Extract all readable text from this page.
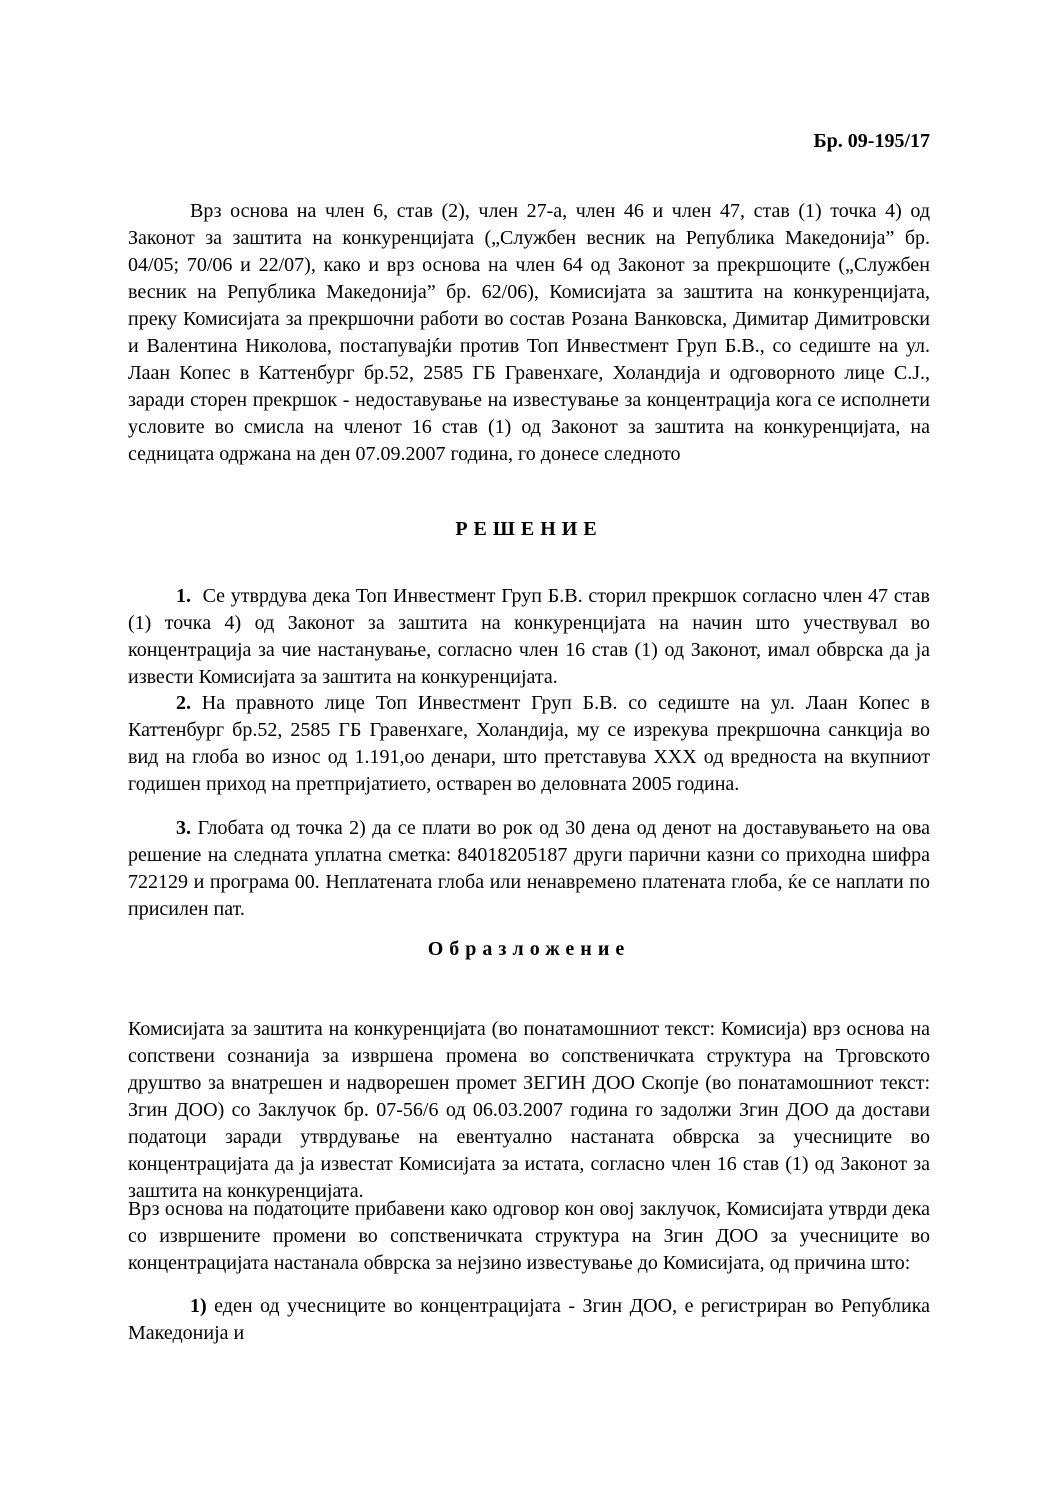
Бр. 09-195/17

Врз основа на член 6, став (2), член 27-а, член 46 и член 47, став (1) точка 4) од Законот за заштита на конкуренцијата („Службен весник на Република Македонија” бр. 04/05; 70/06 и 22/07), како и врз основа на член 64 од Законот за прекршоците („Службен весник на Република Македонија” бр. 62/06), Комисијата за заштита на конкуренцијата, преку Комисијата за прекршочни работи во состав Розана Ванковска, Димитар Димитровски и Валентина Николова, постапувајќи против Топ Инвестмент Груп Б.В., со седиште на ул. Лаан Копес в Каттенбург бр.52, 2585 ГБ Гравенхаге, Холандија и одговорното лице С.Ј., заради сторен прекршок - недоставување на известување за концентрација кога се исполнети условите во смисла на членот 16 став (1) од Законот за заштита на конкуренцијата, на седницата одржана на ден 07.09.2007 година, го донесе следното

РЕШЕНИЕ

1. Се утврдува дека Топ Инвестмент Груп Б.В. сторил прекршок согласно член 47 став (1) точка 4) од Законот за заштита на конкуренцијата на начин што учествувал во концентрација за чие настанување, согласно член 16 став (1) од Законот, имал обврска да ја извести Комисијата за заштита на конкуренцијата.

2. На правното лице Топ Инвестмент Груп Б.В. со седиште на ул. Лаан Копес в Каттенбург бр.52, 2585 ГБ Гравенхаге, Холандија, му се изрекува прекршочна санкција во вид на глоба во износ од 1.191,оо денари, што претставува ХХХ од вредноста на вкупниот годишен приход на претпријатието, остварен во деловната 2005 година.

3. Глобата од точка 2) да се плати во рок од 30 дена од денот на доставувањето на ова решение на следната уплатна сметка: 84018205187 други парични казни со приходна шифра 722129 и програма 00. Неплатената глоба или ненавремено платената глоба, ќе се наплати по присилен пат.

Образложение

Комисијата за заштита на конкуренцијата (во понатамошниот текст: Комисија) врз основа на сопствени сознанија за извршена промена во сопственичката структура на Трговското друштво за внатрешен и надворешен промет ЗЕГИН ДОО Скопје (во понатамошниот текст: Згин ДОО) со Заклучок бр. 07-56/6 од 06.03.2007 година го задолжи Згин ДОО да достави податоци заради утврдување на евентуално настаната обврска за учесниците во концентрацијата да ја известат Комисијата за истата, согласно член 16 став (1) од Законот за заштита на конкуренцијата.

Врз основа на податоците прибавени како одговор кон овој заклучок, Комисијата утврди дека со извршените промени во сопственичката структура на Згин ДОО за учесниците во концентрацијата настанала обврска за нејзино известување до Комисијата, од причина што:

1) еден од учесниците во концентрацијата - Згин ДОО, е регистриран во Република Македонија и
